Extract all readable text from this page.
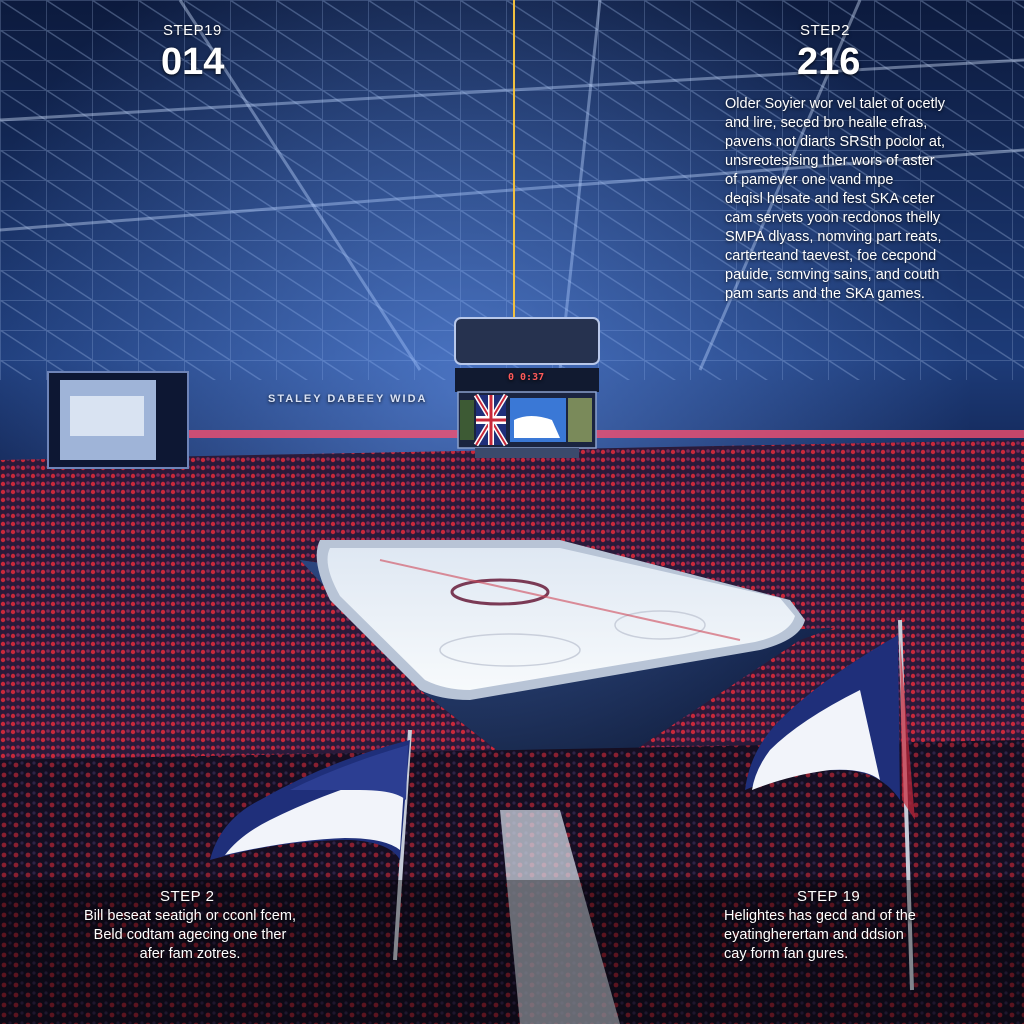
STALEY DABEEY WIDA
0 0:37
STEP19
014
STEP2
216
Older Soyier wor vel talet of ocetly
and lire, seced bro healle efras,
pavens not diarts SRSth poclor at,
unsreotesising ther wors of aster
of pamever one vand mpe
deqisl hesate and fest SKA ceter
cam servets yoon recdonos thelly
SMPA dlyass, nomving part reats,
carterteand taevest, foe cecpond
pauide, scmving sains, and couth
pam sarts and the SKA games.
STEP 2
Bill beseat seatigh or cconl fcem,
Beld codtam agecing one ther
afer fam zotres.
STEP 19
Helightes has gecd and of the
eyatingherertam and ddsion
cay form fan gures.
